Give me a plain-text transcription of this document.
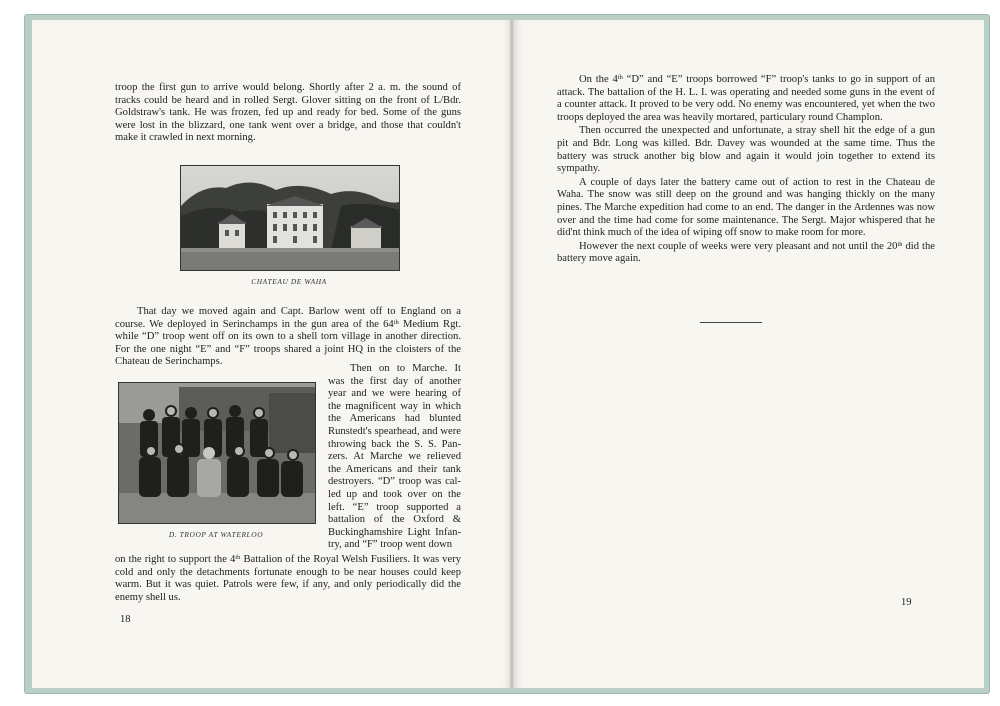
troop the first gun to arrive would belong. Shortly after 2 a. m. the sound of tracks could be heard and in rolled Sergt. Glover sitting on the front of L/Bdr. Goldstraw's tank. He was frozen, fed up and ready for bed. Some of the guns were lost in the blizzard, one tank went over a bridge, and those that couldn't make it crawled in next morning.

CHATEAU DE WAHA

That day we moved again and Capt. Barlow went off to England on a course. We deployed in Serinchamps in the gun area of the 64th Medium Rgt. while “D” troop went off on its own to a shell torn village in another direction. For the one night “E” and “F” troops shared a joint HQ in the cloisters of the Chateau de Serinchamps.

D. TROOP AT WATERLOO

Then on to Marche. It was the first day of another year and we were hearing of the magnificent way in which the Americans had blunted Runstedt's spearhead, and were throwing back the S. S. Pan- zers. At Marche we relieved the Americans and their tank destroyers. “D” troop was cal- led up and took over on the left. “E” troop supported a battalion of the Oxford & Buckinghamshire Light Infan- try, and “F” troop went down

on the right to support the 4th Battalion of the Royal Welsh Fusiliers. It was very cold and only the detachments fortunate enough to be near houses could keep warm. But it was quiet. Patrols were few, if any, and only periodically did the enemy shell us.

18

On the 4th “D” and “E” troops borrowed “F” troop's tanks to go in support of an attack. The battalion of the H. L. I. was operating and needed some guns in the event of a counter attack. It proved to be very odd. No enemy was encountered, yet when the two troops deployed the area was heavily mortared, particulary round Champlon.

Then occurred the unexpected and unfortunate, a stray shell hit the edge of a gun pit and Bdr. Long was killed. Bdr. Davey was wounded at the same time. Thus the battery was struck another big blow and again it would join together to extend its sympathy.

A couple of days later the battery came out of action to rest in the Chateau de Waha. The snow was still deep on the ground and was hanging thickly on the many pines. The Marche expedition had come to an end. The danger in the Ardennes was now over and the time had come for some maintenance. The Sergt. Major whispered that he did'nt think much of the idea of wiping off snow to make room for more.

However the next couple of weeks were very pleasant and not until the 20th did the battery move again.

19
